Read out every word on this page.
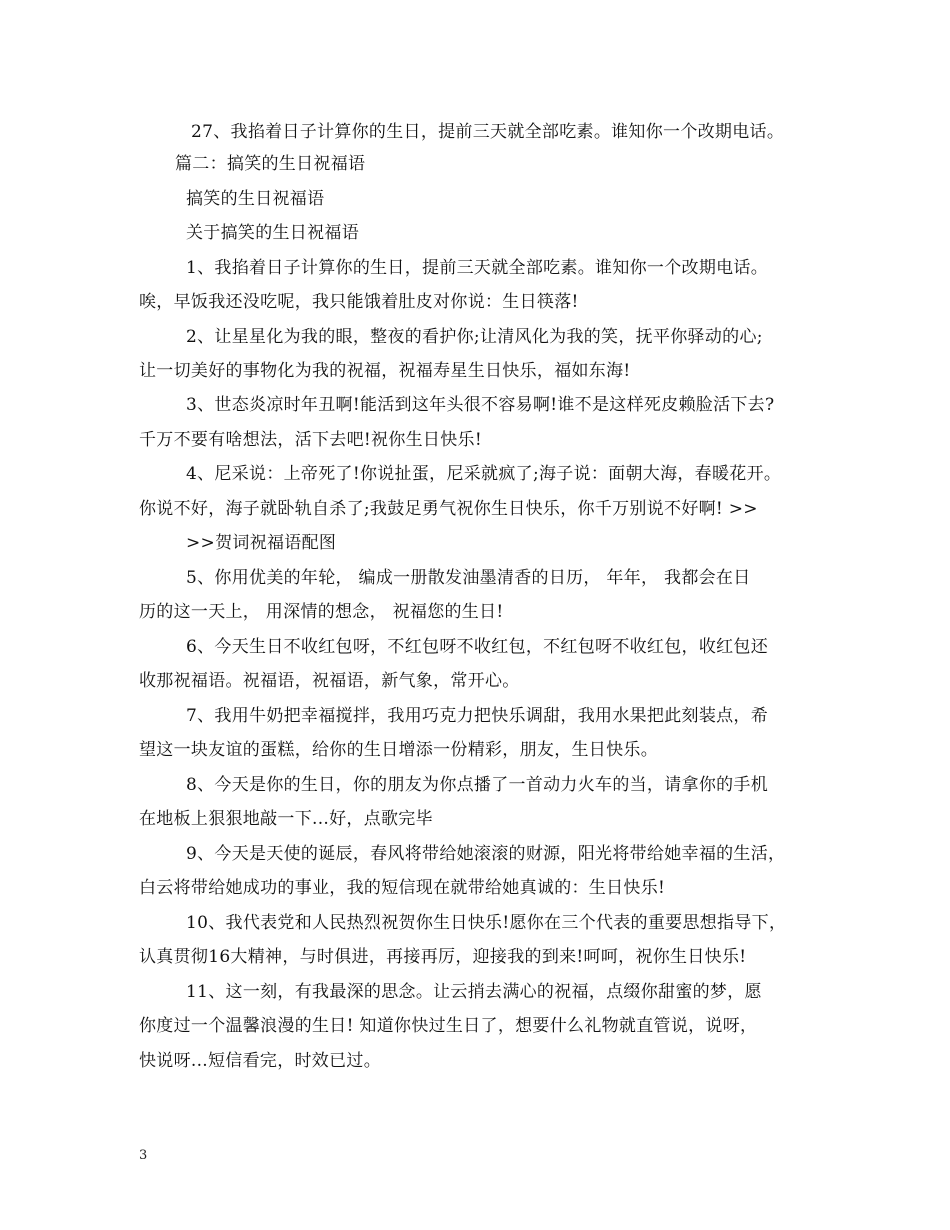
27、我掐着日子计算你的生日，提前三天就全部吃素。谁知你一个改期电话。
篇二：搞笑的生日祝福语
搞笑的生日祝福语
关于搞笑的生日祝福语
1、我掐着日子计算你的生日，提前三天就全部吃素。谁知你一个改期电话。
唉，早饭我还没吃呢，我只能饿着肚皮对你说：生日筷落!
2、让星星化为我的眼，整夜的看护你;让清风化为我的笑，抚平你驿动的心;
让一切美好的事物化为我的祝福，祝福寿星生日快乐，福如东海!
3、世态炎凉时年丑啊!能活到这年头很不容易啊!谁不是这样死皮赖脸活下去?
千万不要有啥想法，活下去吧!祝你生日快乐!
4、尼采说：上帝死了!你说扯蛋，尼采就疯了;海子说：面朝大海，春暖花开。
你说不好，海子就卧轨自杀了;我鼓足勇气祝你生日快乐，你千万别说不好啊! >>
>>贺词祝福语配图
5、你用优美的年轮， 编成一册散发油墨清香的日历， 年年， 我都会在日
历的这一天上， 用深情的想念， 祝福您的生日!
6、今天生日不收红包呀，不红包呀不收红包，不红包呀不收红包，收红包还
收那祝福语。祝福语，祝福语，新气象，常开心。
7、我用牛奶把幸福搅拌，我用巧克力把快乐调甜，我用水果把此刻装点，希
望这一块友谊的蛋糕，给你的生日增添一份精彩，朋友，生日快乐。
8、今天是你的生日，你的朋友为你点播了一首动力火车的当，请拿你的手机
在地板上狠狠地敲一下...好，点歌完毕
9、今天是天使的诞辰，春风将带给她滚滚的财源，阳光将带给她幸福的生活，
白云将带给她成功的事业，我的短信现在就带给她真诚的：生日快乐!
10、我代表党和人民热烈祝贺你生日快乐!愿你在三个代表的重要思想指导下，
认真贯彻16大精神，与时俱进，再接再厉，迎接我的到来!呵呵，祝你生日快乐!
11、这一刻，有我最深的思念。让云捎去满心的祝福，点缀你甜蜜的梦，愿
你度过一个温馨浪漫的生日! 知道你快过生日了，想要什么礼物就直管说，说呀，
快说呀...短信看完，时效已过。
3
